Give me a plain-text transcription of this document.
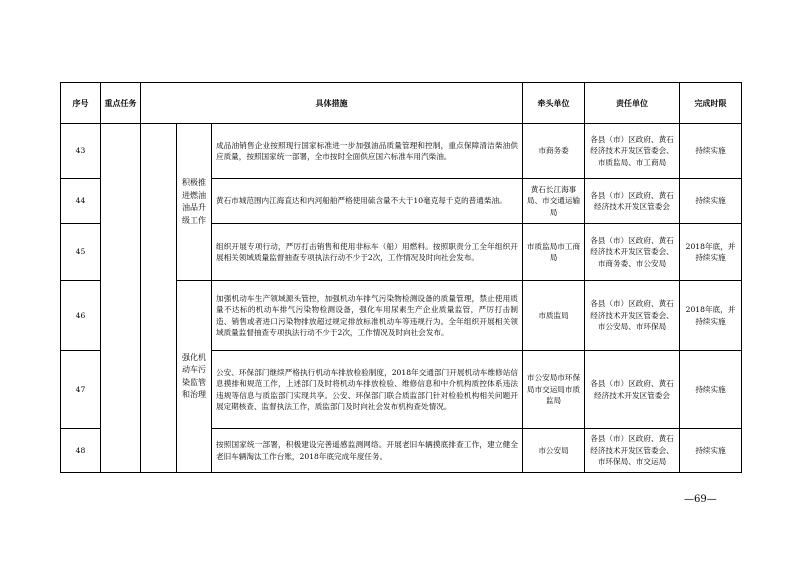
序号	重点任务	具体措施			牵头单位	责任单位	完成时限
43			积极推进燃油油品升级工作	成品油销售企业按照现行国家标准进一步加强油品质量管理和控制，重点保障清洁柴油供应质量，按照国家统一部署，全市按时全面供应国六标准车用汽柴油。	市商务委	各县（市）区政府、黄石经济技术开发区管委会、市质监局、市工商局	持续实施
44				黄石市城范围内江海直达和内河船舶严格使用硫含量不大于10毫克每千克的普通柴油。	黄石长江海事局、市交通运输局	各县（市）区政府、黄石经济技术开发区管委会	持续实施
45				组织开展专项行动，严厉打击销售和使用非标车（船）用燃料。按照职责分工全年组织开展相关领域质量监督抽查专项执法行动不少于2次，工作情况及时向社会发布。	市质监局市工商局	各县（市）区政府、黄石经济技术开发区管委会、市商务委、市公安局	2018年底，并持续实施
46			强化机动车污染监管和治理	加强机动车生产领域源头管控，加强机动车排气污染物检测设备的质量管理，禁止使用质量不达标的机动车排气污染物检测设备，强化车用尿素生产企业质量监管，严厉打击制造、销售或者进口污染物排放超过规定排放标准机动车等违规行为。全年组织开展相关领域质量监督抽查专项执法行动不少于2次，工作情况及时向社会发布。	市质监局	各县（市）区政府、黄石经济技术开发区管委会、市公安局、市环保局	2018年底，并持续实施
47				公安、环保部门继续严格执行机动车排放检验制度，2018年交通部门开展机动车维修站信息摸排和规范工作，上述部门及时将机动车排放检验、维修信息和中介机构质控体系违法违规等信息与质监部门实现共享。公安、环保部门联合质监部门针对检验机构相关问题开展定期核查、监督执法工作，质监部门及时向社会发布机构查处情况。	市公安局市环保局市交运局市质监局	各县（市）区政府、黄石经济技术开发区管委会	持续实施
48				按照国家统一部署，积极建设完善遥感监测网络。开展老旧车辆摸底排查工作，建立健全老旧车辆淘汰工作台账，2018年底完成年度任务。	市公安局	各县（市）区政府、黄石经济技术开发区管委会、市环保局、市交运局	持续实施
—69—
